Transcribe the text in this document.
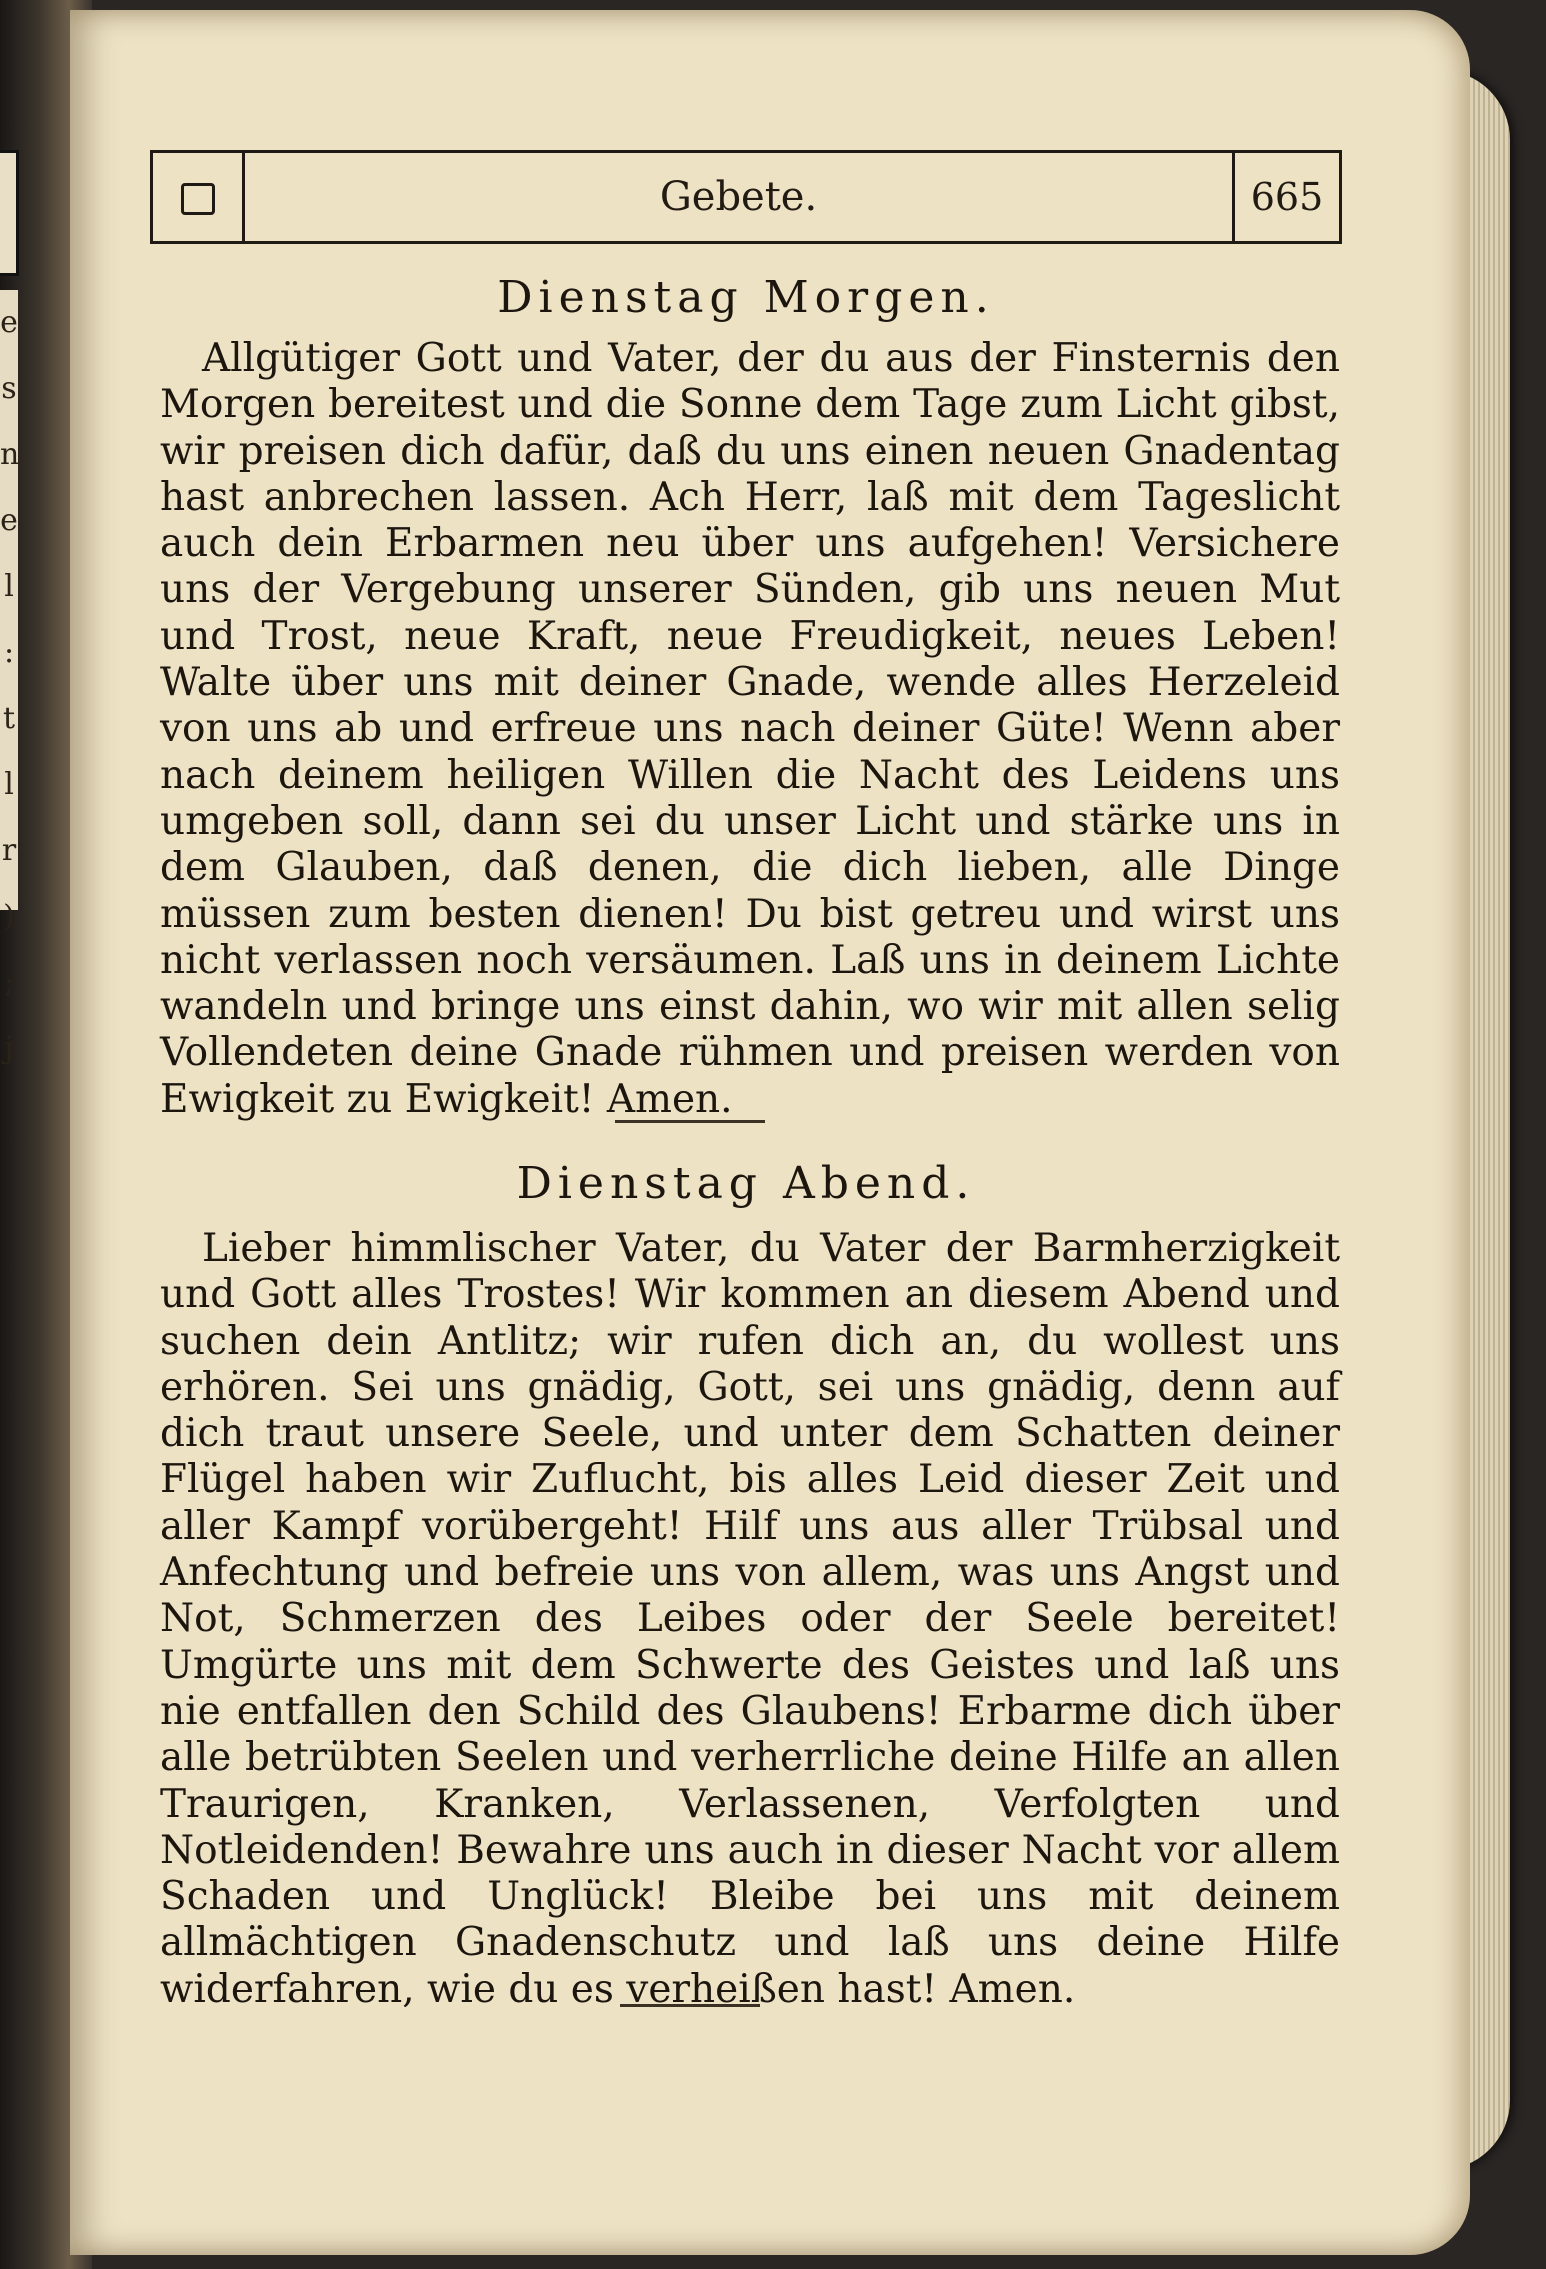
e s n e l : t l r ) ; j
Gebete.	665
Dienstag Morgen.
Allgütiger Gott und Vater, der du aus der Finsternis den Morgen bereitest und die Sonne dem Tage zum Licht gibst, wir preisen dich dafür, daß du uns einen neuen Gnadentag hast anbrechen lassen. Ach Herr, laß mit dem Tageslicht auch dein Erbarmen neu über uns aufgehen! Versichere uns der Vergebung unserer Sünden, gib uns neuen Mut und Trost, neue Kraft, neue Freudigkeit, neues Leben! Walte über uns mit deiner Gnade, wende alles Herzeleid von uns ab und erfreue uns nach deiner Güte! Wenn aber nach deinem heiligen Willen die Nacht des Leidens uns umgeben soll, dann sei du unser Licht und stärke uns in dem Glauben, daß denen, die dich lieben, alle Dinge müssen zum besten dienen! Du bist getreu und wirst uns nicht verlassen noch versäumen. Laß uns in deinem Lichte wandeln und bringe uns einst dahin, wo wir mit allen selig Vollendeten deine Gnade rühmen und preisen werden von Ewigkeit zu Ewigkeit! Amen.
Dienstag Abend.
Lieber himmlischer Vater, du Vater der Barmherzigkeit und Gott alles Trostes! Wir kommen an diesem Abend und suchen dein Antlitz; wir rufen dich an, du wollest uns erhören. Sei uns gnädig, Gott, sei uns gnädig, denn auf dich traut unsere Seele, und unter dem Schatten deiner Flügel haben wir Zuflucht, bis alles Leid dieser Zeit und aller Kampf vorübergeht! Hilf uns aus aller Trübsal und Anfechtung und befreie uns von allem, was uns Angst und Not, Schmerzen des Leibes oder der Seele bereitet! Umgürte uns mit dem Schwerte des Geistes und laß uns nie entfallen den Schild des Glaubens! Erbarme dich über alle betrübten Seelen und verherrliche deine Hilfe an allen Traurigen, Kranken, Verlassenen, Verfolgten und Notleidenden! Bewahre uns auch in dieser Nacht vor allem Schaden und Unglück! Bleibe bei uns mit deinem allmächtigen Gnadenschutz und laß uns deine Hilfe widerfahren, wie du es verheißen hast! Amen.
